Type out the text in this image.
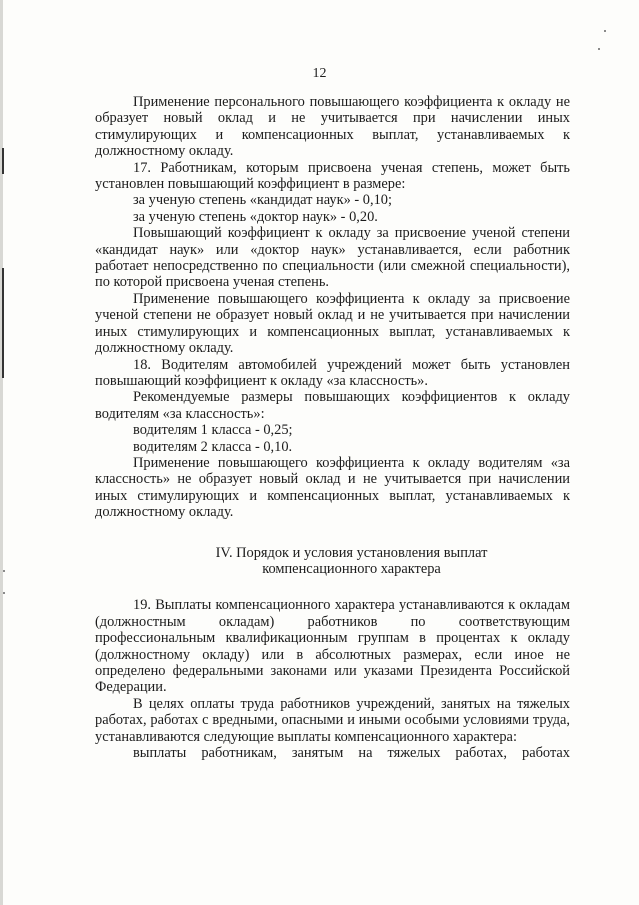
12

Применение персонального повышающего коэффициента к окладу не образует новый оклад и не учитывается при начислении иных стимулирующих и компенсационных выплат, устанавливаемых к должностному окладу.

17. Работникам, которым присвоена ученая степень, может быть установлен повышающий коэффициент в размере:

за ученую степень «кандидат наук» - 0,10;

за ученую степень «доктор наук» - 0,20.

Повышающий коэффициент к окладу за присвоение ученой степени «кандидат наук» или «доктор наук» устанавливается, если работник работает непосредственно по специальности (или смежной специальности), по которой присвоена ученая степень.

Применение повышающего коэффициента к окладу за присвоение ученой степени не образует новый оклад и не учитывается при начислении иных стимулирующих и компенсационных выплат, устанавливаемых к должностному окладу.

18. Водителям автомобилей учреждений может быть установлен повышающий коэффициент к окладу «за классность».

Рекомендуемые размеры повышающих коэффициентов к окладу водителям «за классность»:

водителям 1 класса - 0,25;

водителям 2 класса - 0,10.

Применение повышающего коэффициента к окладу водителям «за классность» не образует новый оклад и не учитывается при начислении иных стимулирующих и компенсационных выплат, устанавливаемых к должностному окладу.

IV. Порядок и условия установления выплат
компенсационного характера

19. Выплаты компенсационного характера устанавливаются к окладам (должностным окладам) работников по соответствующим профессиональным квалификационным группам в процентах к окладу (должностному окладу) или в абсолютных размерах, если иное не определено федеральными законами или указами Президента Российской Федерации.

В целях оплаты труда работников учреждений, занятых на тяжелых работах, работах с вредными, опасными и иными особыми условиями труда, устанавливаются следующие выплаты компенсационного характера:

выплаты работникам, занятым на тяжелых работах, работах
